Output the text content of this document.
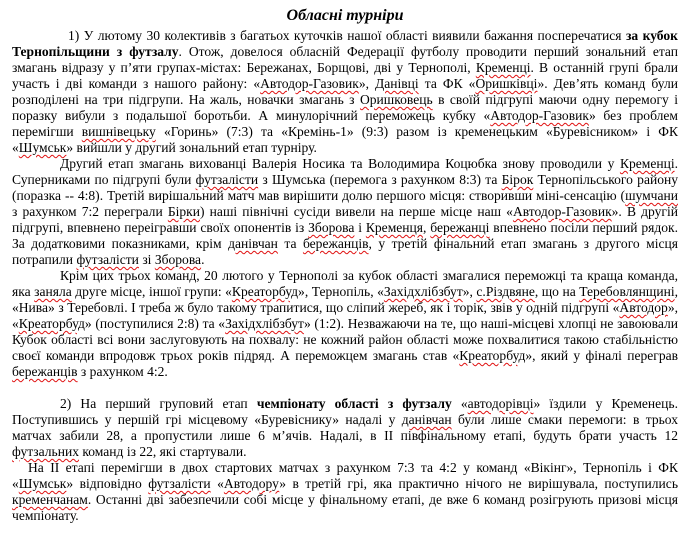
Обласні турніри

1) У лютому 30 колективів з багатьох куточків нашої області виявили бажання посперечатися за кубок Тернопільщини з футзалу. Отож, довелося обласній Федерації футболу проводити перший зональний етап змагань відразу у п’яти групах-містах: Бережанах, Борщові, дві у Тернополі, Кременці. В останній групі брали участь і дві команди з нашого району: «Автодор-Газовик», Данівці та ФК «Оришківці». Дев’ять команд були розподілені на три підгрупи. На жаль, новачки змагань з Оришковець в своїй підгрупі маючи одну перемогу і поразку вибули з подальшої боротьби. А минулорічний переможець кубку «Автодор-Газовик» без проблем перемігши вишнівецьку «Горинь» (7:3) та «Кремінь-1» (9:3) разом із кременецьким «Буревісником» і ФК «Шумськ» вийшли у другий зональний етап турніру.

Другий етап змагань вихованці Валерія Носика та Володимира Коцюбка знову проводили у Кременці. Суперниками по підгрупі були футзалісти з Шумська (перемога з рахунком 8:3) та Бірок Тернопільського району (поразка -- 4:8). Третій вирішальний матч мав вирішити долю першого місця: створивши міні-сенсацію (шумчани з рахунком 7:2 переграли Бірки) наші північні сусіди вивели на перше місце наш «Автодор-Газовик». В другій підгрупі, впевнено переігравши своїх опонентів із Зборова і Кременця, бережанці впевнено посіли перший рядок. За додатковими показниками, крім данівчан та бережанців, у третій фінальний етап змагань з другого місця потрапили футзалісти зі Зборова.

Крім цих трьох команд, 20 лютого у Тернополі за кубок області змагалися переможці та краща команда, яка заняла друге місце, іншої групи: «Креаторбуд», Тернопіль, «Західхлібзбут», с.Різдвяне, що на Теребовлянщині, «Нива» з Теребовлі. І треба ж було такому трапитися, що сліпий жереб, як і торік, звів у одній підгрупі «Автодор», «Креаторбуд» (поступилися 2:8) та «Західхлібзбут» (1:2). Незважаючи на те, що наші-місцеві хлопці не завоювали Кубок області всі вони заслуговують на похвалу: не кожний район області може похвалитися такою стабільністю своєї команди впродовж трьох років підряд. А переможцем змагань став «Креаторбуд», який у фіналі переграв бережанців з рахунком 4:2.

2) На перший груповий етап чемпіонату області з футзалу «автодорівці» їздили у Кременець. Поступившись у першій грі місцевому «Буревіснику» надалі у данівчан були лише смаки перемоги: в трьох матчах забили 28, а пропустили лише 6 м’ячів. Надалі, в ІІ півфінальному етапі, будуть брати участь 12 футзальних команд із 22, які стартували.

На ІІ етапі перемігши в двох стартових матчах з рахунком 7:3 та 4:2 у команд «Вікінг», Тернопіль і ФК «Шумськ» відповідно футзалісти «Автодору» в третій грі, яка практично нічого не вирішувала, поступились кременчанам. Останні дві забезпечили собі місце у фінальному етапі, де вже 6 команд розігрують призові місця чемпіонату.
